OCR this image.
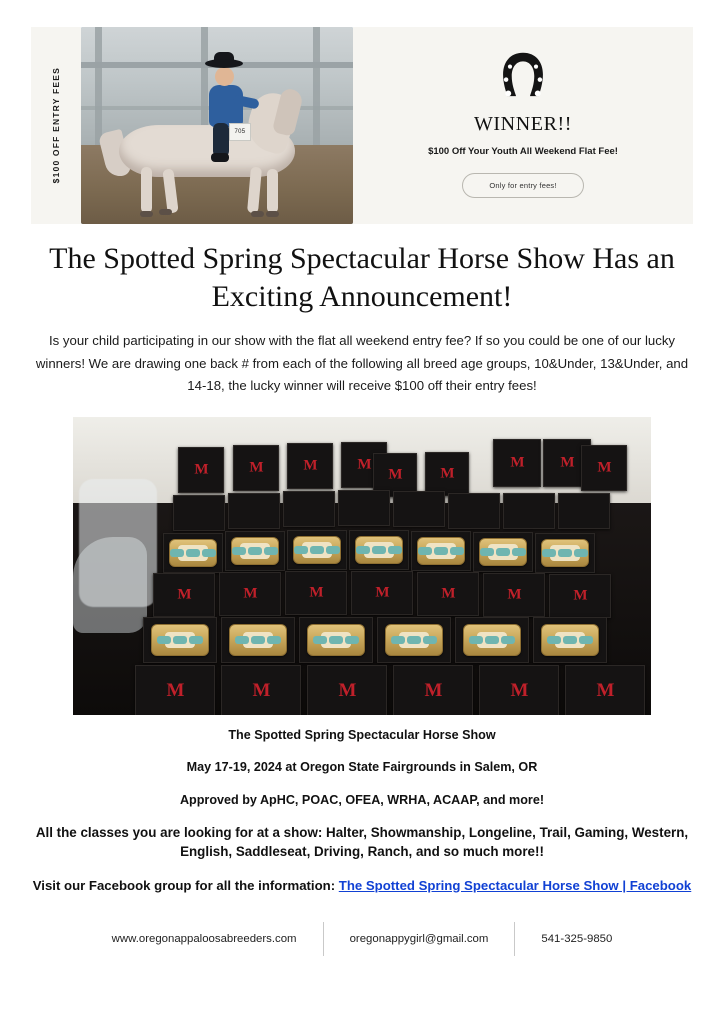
$100 OFF ENTRY FEES	705	WINNER!!
$100 Off Your Youth All Weekend Flat Fee!
Only for entry fees!
The Spotted Spring Spectacular Horse Show Has an Exciting Announcement!
Is your child participating in our show with the flat all weekend entry fee? If so you could be one of our lucky winners! We are drawing one back # from each of the following all breed age groups, 10&Under, 13&Under, and 14-18, the lucky winner will receive $100 off their entry fees!
M	M	M	M
M	M
M M M
M	M	M	M	M	M	M
M	M	M	M	M	M
The Spotted Spring Spectacular Horse Show
May 17-19, 2024 at Oregon State Fairgrounds in Salem, OR
Approved by ApHC, POAC, OFEA, WRHA, ACAAP, and more!
All the classes you are looking for at a show: Halter, Showmanship, Longeline, Trail, Gaming, Western, English, Saddleseat, Driving, Ranch, and so much more!!
Visit our Facebook group for all the information: The Spotted Spring Spectacular Horse Show | Facebook
www.oregonappaloosabreeders.com	oregonappygirl@gmail.com	541-325-9850
